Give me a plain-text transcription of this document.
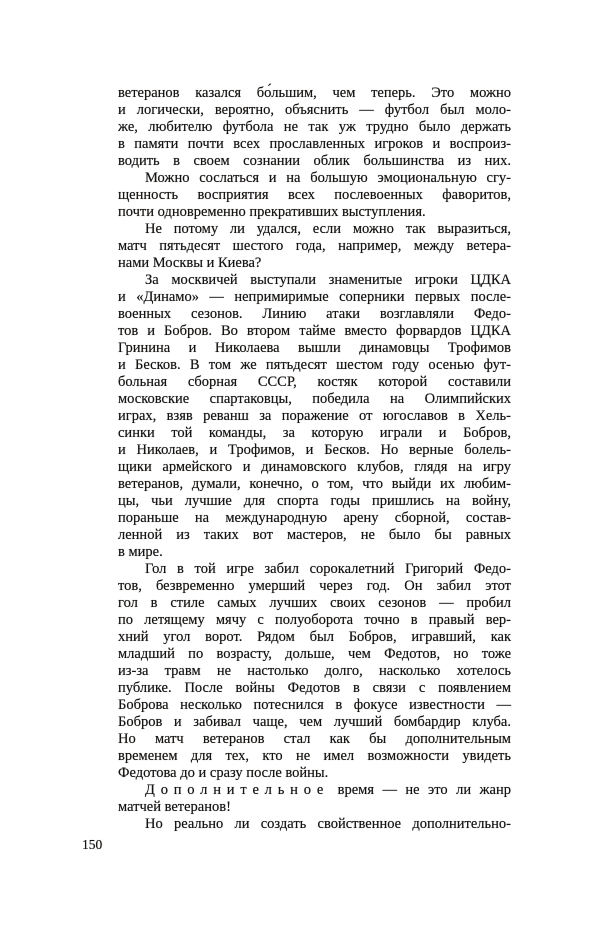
ветеранов казался бо́льшим, чем теперь. Это можно
и логически, вероятно, объяснить — футбол был моло-
же, любителю футбола не так уж трудно было держать
в памяти почти всех прославленных игроков и воспроиз-
водить в своем сознании облик большинства из них.
Можно сослаться и на большую эмоциональную сгу-
щенность восприятия всех послевоенных фаворитов,
почти одновременно прекративших выступления.
Не потому ли удался, если можно так выразиться,
матч пятьдесят шестого года, например, между ветера-
нами Москвы и Киева?
За москвичей выступали знаменитые игроки ЦДКА
и «Динамо» — непримиримые соперники первых после-
военных сезонов. Линию атаки возглавляли Федо-
тов и Бобров. Во втором тайме вместо форвардов ЦДКА
Гринина и Николаева вышли динамовцы Трофимов
и Бесков. В том же пятьдесят шестом году осенью фут-
больная сборная СССР, костяк которой составили
московские спартаковцы, победила на Олимпийских
играх, взяв реванш за поражение от югославов в Хель-
синки той команды, за которую играли и Бобров,
и Николаев, и Трофимов, и Бесков. Но верные болель-
щики армейского и динамовского клубов, глядя на игру
ветеранов, думали, конечно, о том, что выйди их любим-
цы, чьи лучшие для спорта годы пришлись на войну,
пораньше на международную арену сборной, состав-
ленной из таких вот мастеров, не было бы равных
в мире.
Гол в той игре забил сорокалетний Григорий Федо-
тов, безвременно умерший через год. Он забил этот
гол в стиле самых лучших своих сезонов — пробил
по летящему мячу с полуоборота точно в правый вер-
хний угол ворот. Рядом был Бобров, игравший, как
младший по возрасту, дольше, чем Федотов, но тоже
из-за травм не настолько долго, насколько хотелось
публике. После войны Федотов в связи с появлением
Боброва несколько потеснился в фокусе известности —
Бобров и забивал чаще, чем лучший бомбардир клуба.
Но матч ветеранов стал как бы дополнительным
временем для тех, кто не имел возможности увидеть
Федотова до и сразу после войны.
Дополнительное время — не это ли жанр
матчей ветеранов!
Но реально ли создать свойственное дополнительно-
150
